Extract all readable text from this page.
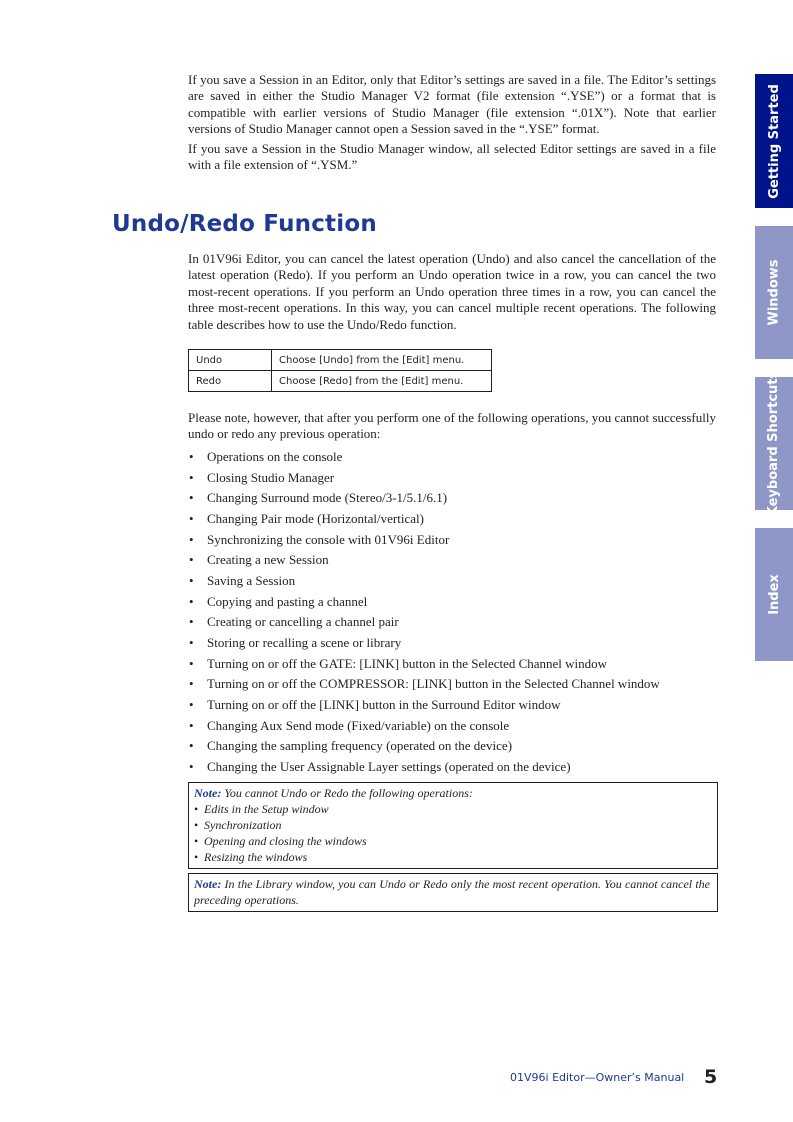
If you save a Session in an Editor, only that Editor’s settings are saved in a file. The Editor’s settings are saved in either the Studio Manager V2 format (file extension “.YSE”) or a format that is compatible with earlier versions of Studio Manager (file extension “.01X”). Note that earlier versions of Studio Manager cannot open a Session saved in the “.YSE” format.

If you save a Session in the Studio Manager window, all selected Editor settings are saved in a file with a file extension of “.YSM.”

Undo/Redo Function

In 01V96i Editor, you can cancel the latest operation (Undo) and also cancel the cancellation of the latest operation (Redo). If you perform an Undo operation twice in a row, you can cancel the two most-recent operations. If you perform an Undo operation three times in a row, you can cancel the three most-recent operations. In this way, you can cancel multiple recent operations. The following table describes how to use the Undo/Redo function.

Undo	Choose [Undo] from the [Edit] menu.
Redo	Choose [Redo] from the [Edit] menu.

Please note, however, that after you perform one of the following operations, you cannot successfully undo or redo any previous operation:

• Operations on the console
• Closing Studio Manager
• Changing Surround mode (Stereo/3-1/5.1/6.1)
• Changing Pair mode (Horizontal/vertical)
• Synchronizing the console with 01V96i Editor
• Creating a new Session
• Saving a Session
• Copying and pasting a channel
• Creating or cancelling a channel pair
• Storing or recalling a scene or library
• Turning on or off the GATE: [LINK] button in the Selected Channel window
• Turning on or off the COMPRESSOR: [LINK] button in the Selected Channel window
• Turning on or off the [LINK] button in the Surround Editor window
• Changing Aux Send mode (Fixed/variable) on the console
• Changing the sampling frequency (operated on the device)
• Changing the User Assignable Layer settings (operated on the device)
Note: You cannot Undo or Redo the following operations:
• Edits in the Setup window
• Synchronization
• Opening and closing the windows
• Resizing the windows
Note: In the Library window, you can Undo or Redo only the most recent operation. You cannot cancel the preceding operations.
Getting Started
Windows
Keyboard Shortcuts
Index
01V96i Editor—Owner’s Manual 5
